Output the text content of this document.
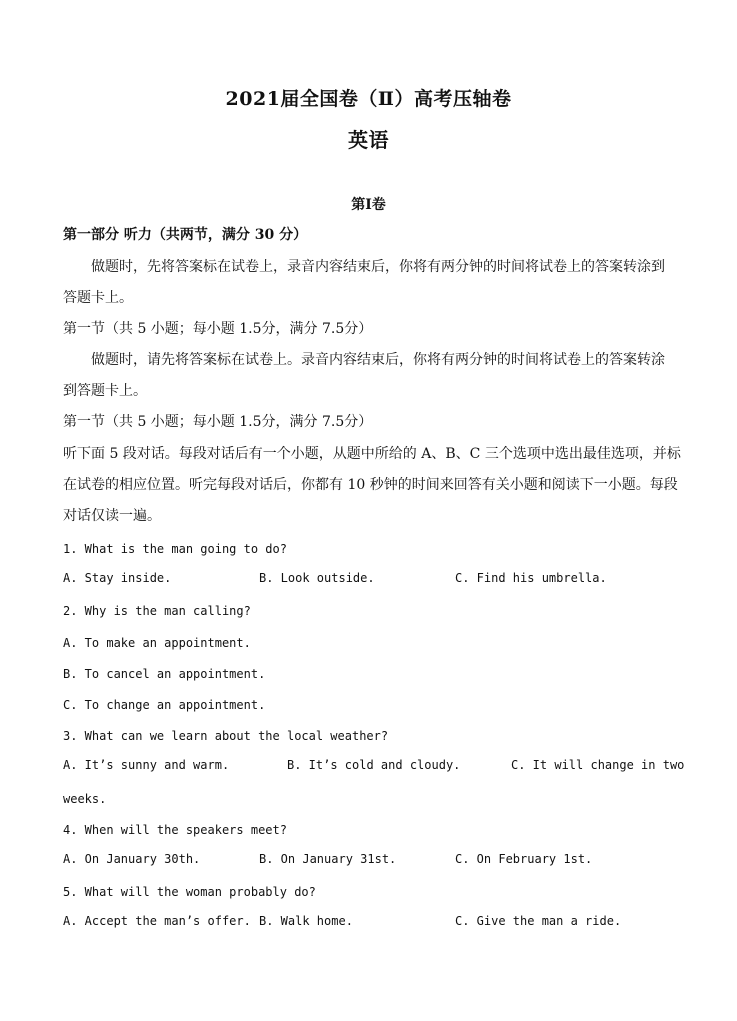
2021届全国卷（Ⅱ）高考压轴卷
英语
第Ⅰ卷
第一部分 听力（共两节，满分 30 分）
做题时，先将答案标在试卷上，录音内容结束后，你将有两分钟的时间将试卷上的答案转涂到
答题卡上。
第一节（共 5 小题；每小题 1.5分，满分 7.5分）
做题时，请先将答案标在试卷上。录音内容结束后，你将有两分钟的时间将试卷上的答案转涂
到答题卡上。
第一节（共 5 小题；每小题 1.5分，满分 7.5分）
听下面 5 段对话。每段对话后有一个小题，从题中所给的 A、B、C 三个选项中选出最佳选项，并标
在试卷的相应位置。听完每段对话后，你都有 10 秒钟的时间来回答有关小题和阅读下一小题。每段
对话仅读一遍。
1. What is the man going to do?
A. Stay inside.	B. Look outside.	C. Find his umbrella.
2. Why is the man calling?
A. To make an appointment.
B. To cancel an appointment.
C. To change an appointment.
3. What can we learn about the local weather?
A. It’s sunny and warm.	B. It’s cold and cloudy.	C. It will change in two
weeks.
4. When will the speakers meet?
A. On January 30th.	B. On January 31st.	C. On February 1st.
5. What will the woman probably do?
A. Accept the man’s offer. B. Walk home.	C. Give the man a ride.
